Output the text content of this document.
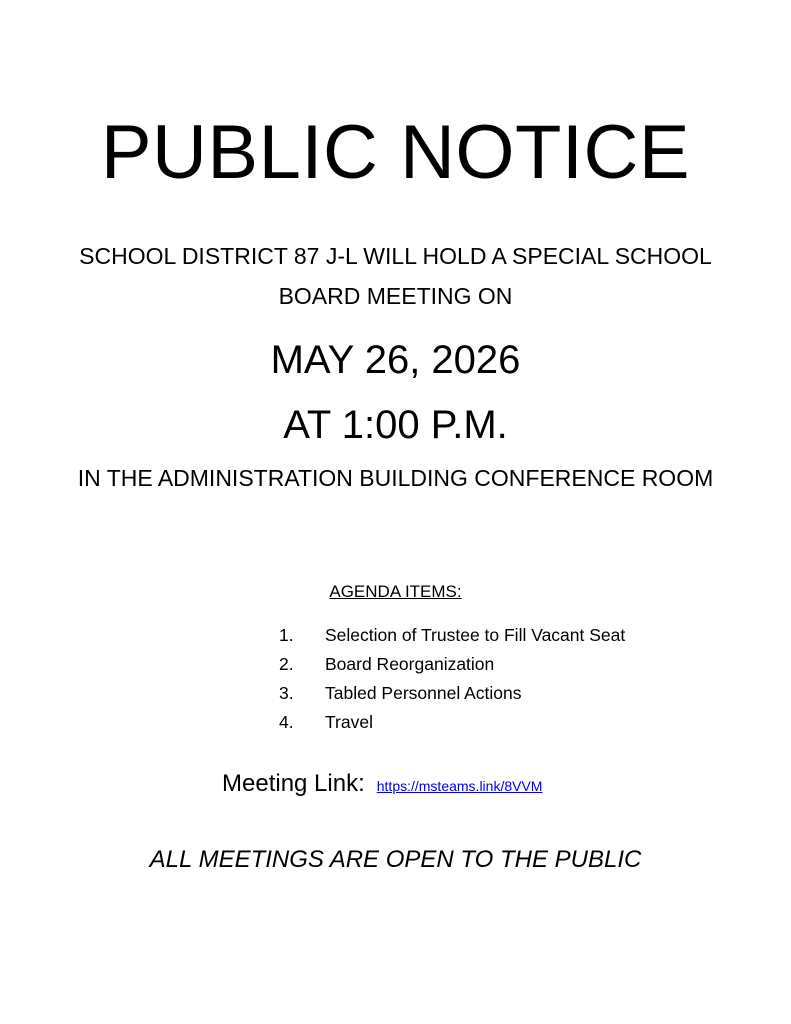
PUBLIC NOTICE
SCHOOL DISTRICT 87 J-L WILL HOLD A SPECIAL SCHOOL BOARD MEETING ON
MAY 26, 2026
AT 1:00 P.M.
IN THE ADMINISTRATION BUILDING CONFERENCE ROOM
AGENDA ITEMS:
1. Selection of Trustee to Fill Vacant Seat
2. Board Reorganization
3. Tabled Personnel Actions
4. Travel
Meeting Link: https://msteams.link/8VVM
ALL MEETINGS ARE OPEN TO THE PUBLIC
